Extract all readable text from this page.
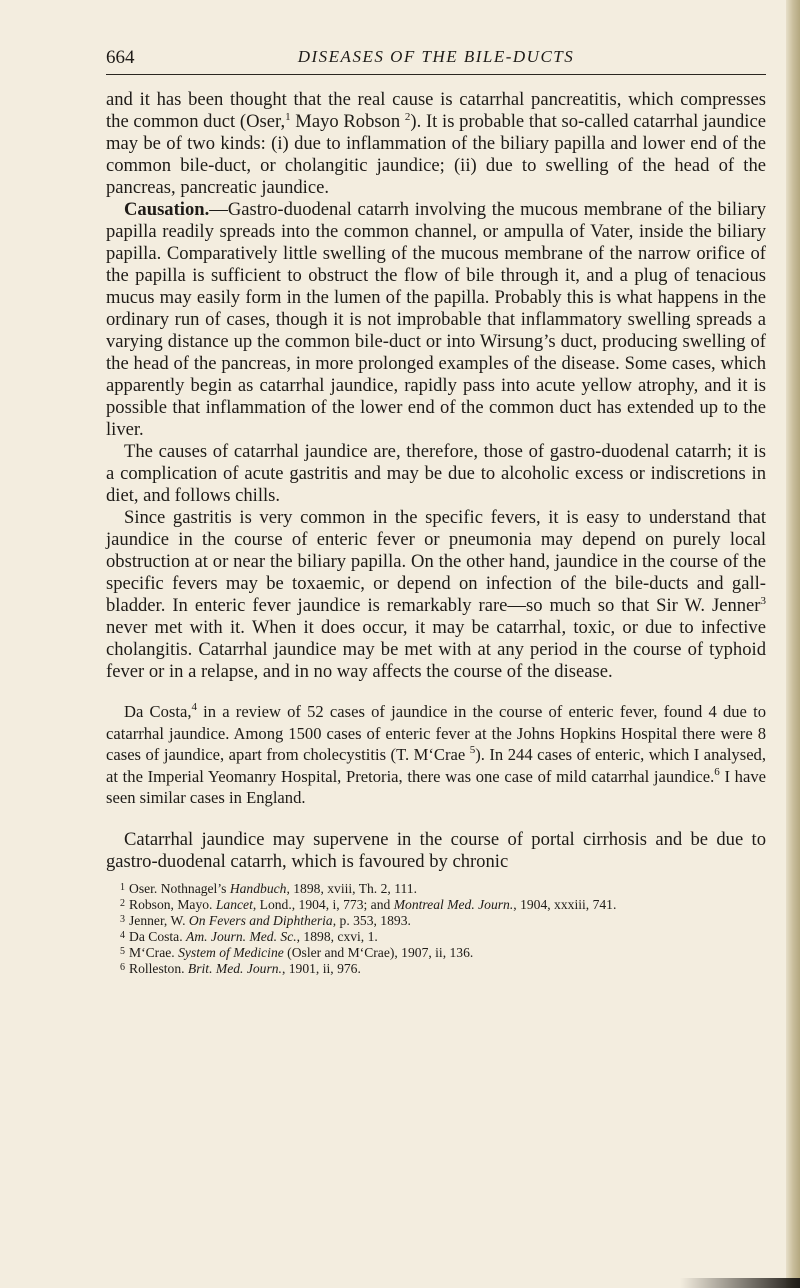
664	DISEASES OF THE BILE-DUCTS

and it has been thought that the real cause is catarrhal pancreatitis, which compresses the common duct (Oser,$^1$ Mayo Robson $^2$). It is probable that so-called catarrhal jaundice may be of two kinds: (i) due to inflammation of the biliary papilla and lower end of the common bile-duct, or cholangitic jaundice; (ii) due to swelling of the head of the pancreas, pancreatic jaundice.

Causation.—Gastro-duodenal catarrh involving the mucous membrane of the biliary papilla readily spreads into the common channel, or ampulla of Vater, inside the biliary papilla. Comparatively little swelling of the mucous membrane of the narrow orifice of the papilla is sufficient to obstruct the flow of bile through it, and a plug of tenacious mucus may easily form in the lumen of the papilla. Probably this is what happens in the ordinary run of cases, though it is not improbable that inflammatory swelling spreads a varying distance up the common bile-duct or into Wirsung’s duct, producing swelling of the head of the pancreas, in more prolonged examples of the disease. Some cases, which apparently begin as catarrhal jaundice, rapidly pass into acute yellow atrophy, and it is possible that inflammation of the lower end of the common duct has extended up to the liver.

The causes of catarrhal jaundice are, therefore, those of gastro-duodenal catarrh; it is a complication of acute gastritis and may be due to alcoholic excess or indiscretions in diet, and follows chills.

Since gastritis is very common in the specific fevers, it is easy to understand that jaundice in the course of enteric fever or pneumonia may depend on purely local obstruction at or near the biliary papilla. On the other hand, jaundice in the course of the specific fevers may be toxaemic, or depend on infection of the bile-ducts and gall-bladder. In enteric fever jaundice is remarkably rare—so much so that Sir W. Jenner$^3$ never met with it. When it does occur, it may be catarrhal, toxic, or due to infective cholangitis. Catarrhal jaundice may be met with at any period in the course of typhoid fever or in a relapse, and in no way affects the course of the disease.

Da Costa,$^4$ in a review of 52 cases of jaundice in the course of enteric fever, found 4 due to catarrhal jaundice. Among 1500 cases of enteric fever at the Johns Hopkins Hospital there were 8 cases of jaundice, apart from cholecystitis (T. M‘Crae $^5$). In 244 cases of enteric, which I analysed, at the Imperial Yeomanry Hospital, Pretoria, there was one case of mild catarrhal jaundice.$^6$ I have seen similar cases in England.

Catarrhal jaundice may supervene in the course of portal cirrhosis and be due to gastro-duodenal catarrh, which is favoured by chronic

$^1$ Oser. Nothnagel’s Handbuch, 1898, xviii, Th. 2, 111.

$^2$ Robson, Mayo. Lancet, Lond., 1904, i, 773; and Montreal Med. Journ., 1904, xxxiii, 741.

$^3$ Jenner, W. On Fevers and Diphtheria, p. 353, 1893.

$^4$ Da Costa. Am. Journ. Med. Sc., 1898, cxvi, 1.

$^5$ M‘Crae. System of Medicine (Osler and M‘Crae), 1907, ii, 136.

$^6$ Rolleston. Brit. Med. Journ., 1901, ii, 976.
